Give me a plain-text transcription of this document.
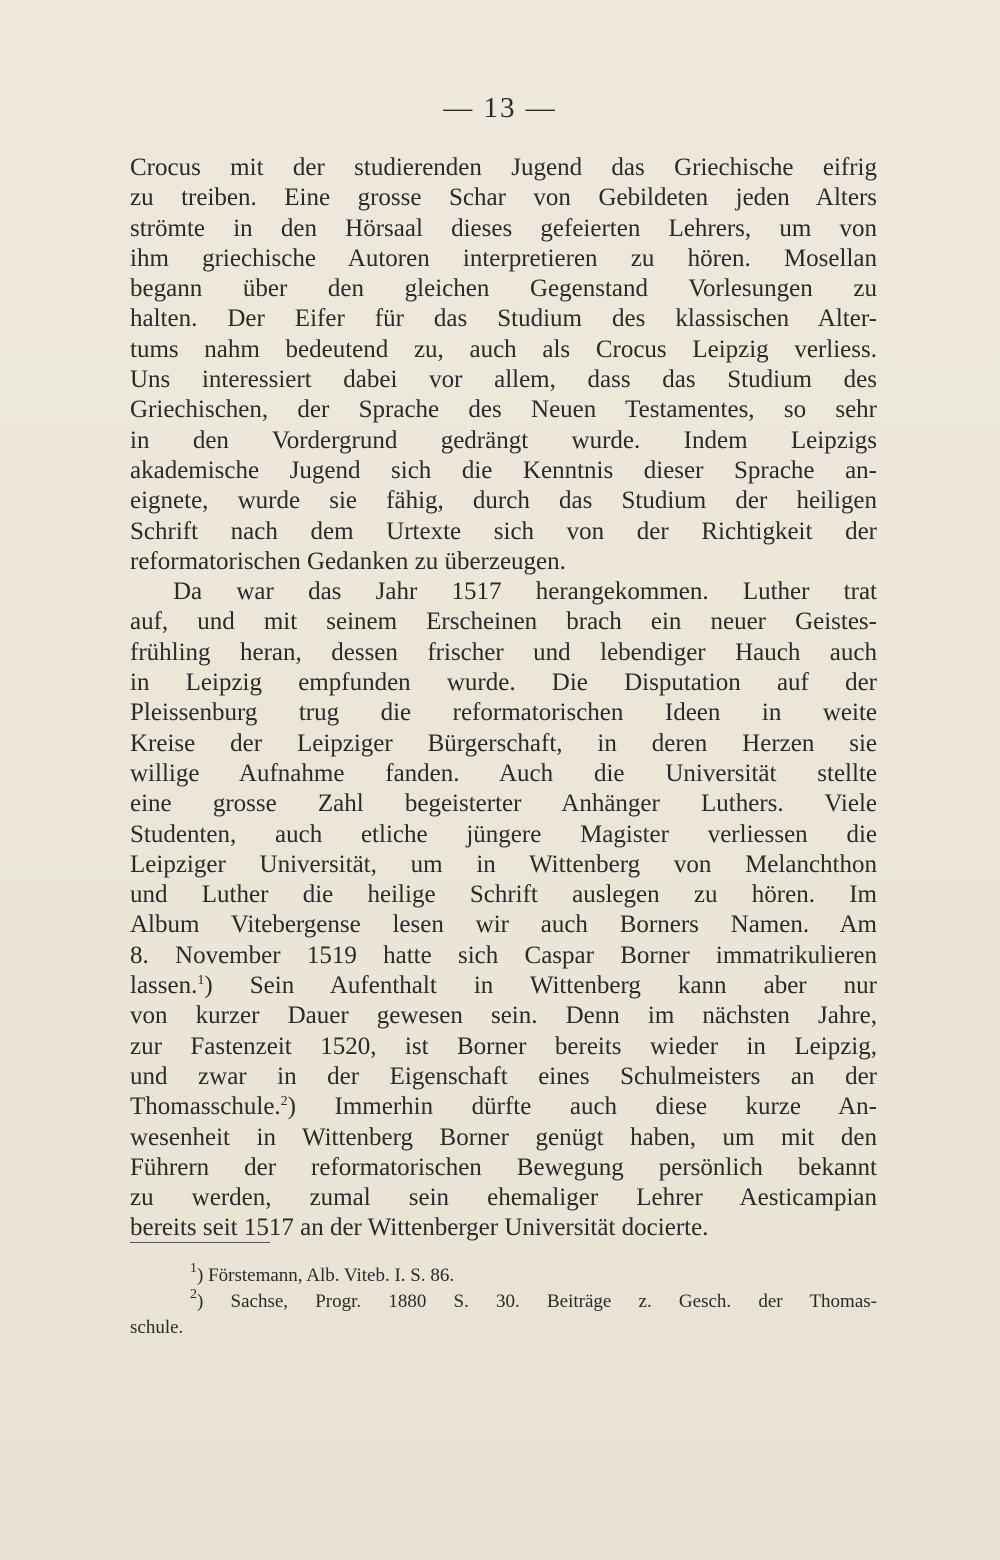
— 13 —
Crocus mit der studierenden Jugend das Griechische eifrig
zu treiben. Eine grosse Schar von Gebildeten jeden Alters
strömte in den Hörsaal dieses gefeierten Lehrers, um von
ihm griechische Autoren interpretieren zu hören. Mosellan
begann über den gleichen Gegenstand Vorlesungen zu
halten. Der Eifer für das Studium des klassischen Alter-
tums nahm bedeutend zu, auch als Crocus Leipzig verliess.
Uns interessiert dabei vor allem, dass das Studium des
Griechischen, der Sprache des Neuen Testamentes, so sehr
in den Vordergrund gedrängt wurde. Indem Leipzigs
akademische Jugend sich die Kenntnis dieser Sprache an-
eignete, wurde sie fähig, durch das Studium der heiligen
Schrift nach dem Urtexte sich von der Richtigkeit der
reformatorischen Gedanken zu überzeugen.
Da war das Jahr 1517 herangekommen. Luther trat
auf, und mit seinem Erscheinen brach ein neuer Geistes-
frühling heran, dessen frischer und lebendiger Hauch auch
in Leipzig empfunden wurde. Die Disputation auf der
Pleissenburg trug die reformatorischen Ideen in weite
Kreise der Leipziger Bürgerschaft, in deren Herzen sie
willige Aufnahme fanden. Auch die Universität stellte
eine grosse Zahl begeisterter Anhänger Luthers. Viele
Studenten, auch etliche jüngere Magister verliessen die
Leipziger Universität, um in Wittenberg von Melanchthon
und Luther die heilige Schrift auslegen zu hören. Im
Album Vitebergense lesen wir auch Borners Namen. Am
8. November 1519 hatte sich Caspar Borner immatrikulieren
lassen.$^1$) Sein Aufenthalt in Wittenberg kann aber nur
von kurzer Dauer gewesen sein. Denn im nächsten Jahre,
zur Fastenzeit 1520, ist Borner bereits wieder in Leipzig,
und zwar in der Eigenschaft eines Schulmeisters an der
Thomasschule.$^2$) Immerhin dürfte auch diese kurze An-
wesenheit in Wittenberg Borner genügt haben, um mit den
Führern der reformatorischen Bewegung persönlich bekannt
zu werden, zumal sein ehemaliger Lehrer Aesticampian
bereits seit 1517 an der Wittenberger Universität docierte.
$^1$) Förstemann, Alb. Viteb. I. S. 86.
$^2$) Sachse, Progr. 1880 S. 30. Beiträge z. Gesch. der Thomas-
schule.
